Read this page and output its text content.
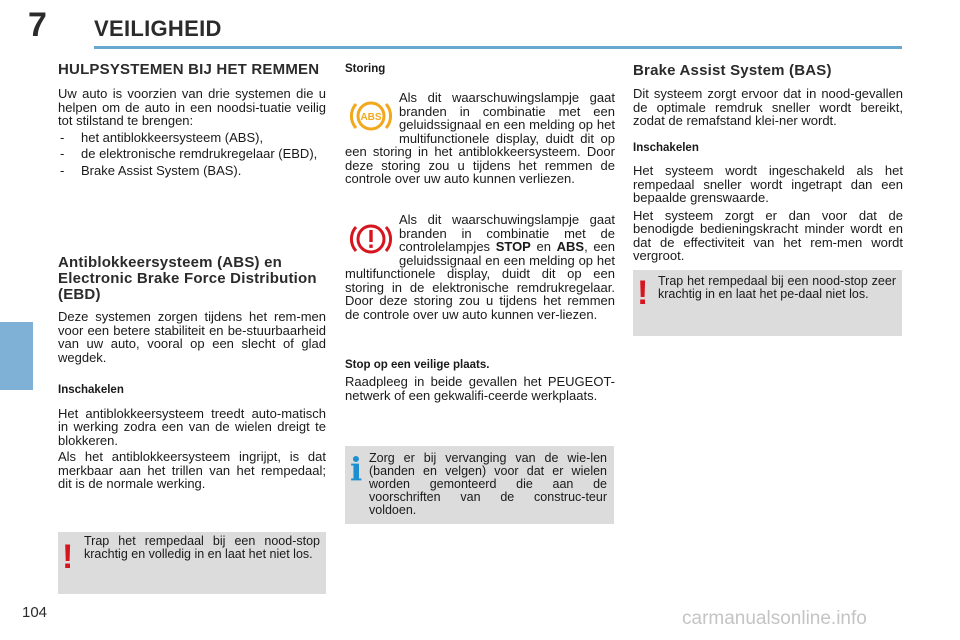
7 VEILIGHEID
HULPSYSTEMEN BIJ HET REMMEN

Uw auto is voorzien van drie systemen die u helpen om de auto in een noodsi-tuatie veilig tot stilstand te brengen:

- het antiblokkeersysteem (ABS),
- de elektronische remdrukregelaar (EBD),
- Brake Assist System (BAS).
Antiblokkeersysteem (ABS) en Electronic Brake Force Distribution (EBD)

Deze systemen zorgen tijdens het rem-men voor een betere stabiliteit en be-stuurbaarheid van uw auto, vooral op een slecht of glad wegdek.

Inschakelen

Het antiblokkeersysteem treedt auto-matisch in werking zodra een van de wielen dreigt te blokkeren.

Als het antiblokkeersysteem ingrijpt, is dat merkbaar aan het trillen van het rempedaal; dit is de normale werking.

! Trap het rempedaal bij een nood-stop krachtig en volledig in en laat het niet los.

Storing

ABS

Als dit waarschuwingslampje gaat branden in combinatie met een geluidssignaal en een melding op het multifunctionele display, duidt dit op een storing in het antiblokkeersysteem. Door deze storing zou u tijdens het remmen de controle over uw auto kunnen verliezen.

Als dit waarschuwingslampje gaat branden in combinatie met de controlelampjes STOP en ABS, een geluidssignaal en een melding op het multifunctionele display, duidt dit op een storing in de elektronische remdrukregelaar. Door deze storing zou u tijdens het remmen de controle over uw auto kunnen ver-liezen.

Stop op een veilige plaats.

Raadpleeg in beide gevallen het PEUGEOT-netwerk of een gekwalifi-ceerde werkplaats.

i Zorg er bij vervanging van de wie-len (banden en velgen) voor dat er wielen worden gemonteerd die aan de voorschriften van de construc-teur voldoen.

Brake Assist System (BAS)

Dit systeem zorgt ervoor dat in nood-gevallen de optimale remdruk sneller wordt bereikt, zodat de remafstand klei-ner wordt.

Inschakelen

Het systeem wordt ingeschakeld als het rempedaal sneller wordt ingetrapt dan een bepaalde grenswaarde.

Het systeem zorgt er dan voor dat de benodigde bedieningskracht minder wordt en dat de effectiviteit van het rem-men wordt vergroot.

! Trap het rempedaal bij een nood-stop zeer krachtig in en laat het pe-daal niet los.

104	carmanualsonline.info
